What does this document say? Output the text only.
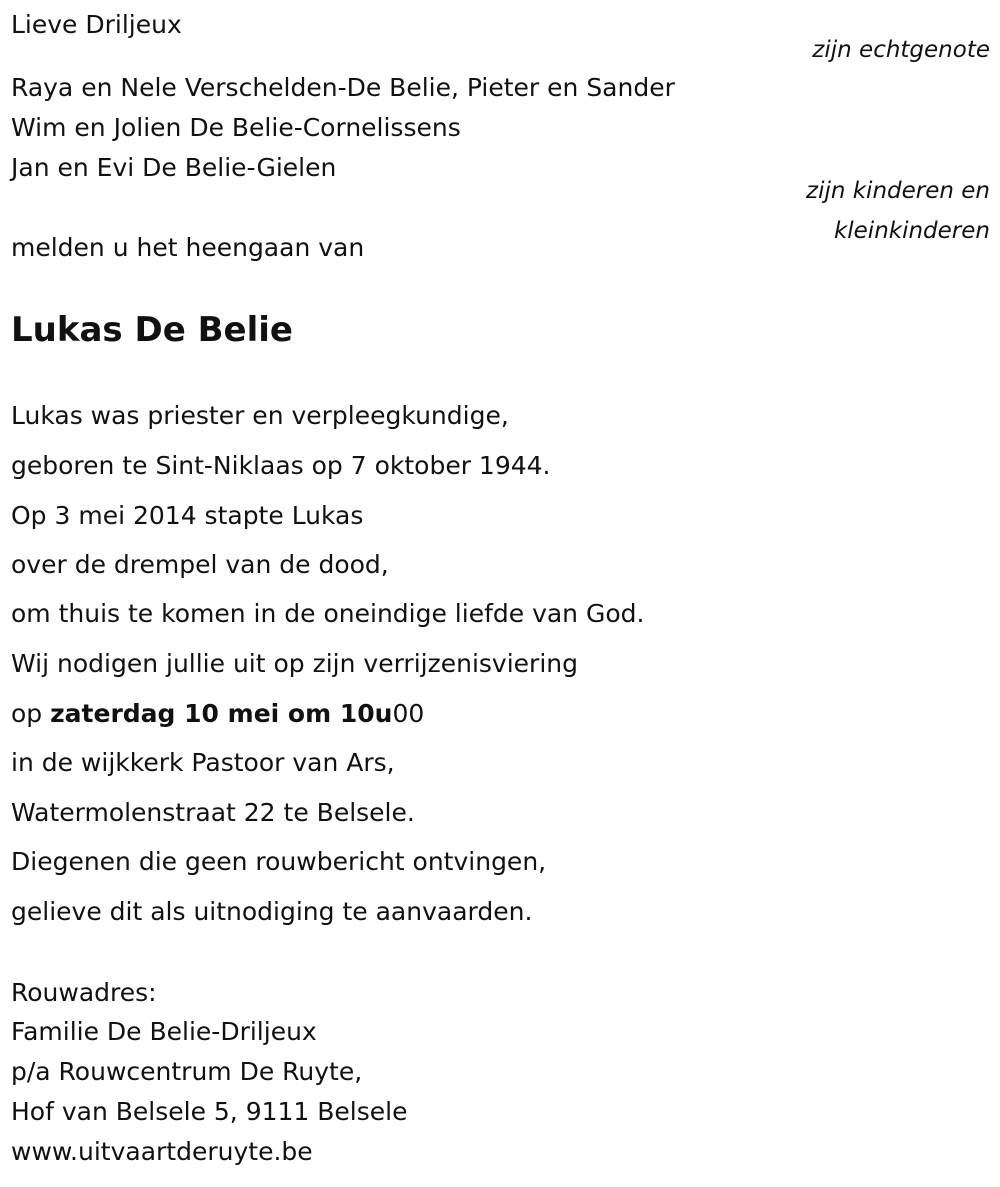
Lieve Driljeux

zijn echtgenote

Raya en Nele Verschelden-De Belie, Pieter en Sander

Wim en Jolien De Belie-Cornelissens

Jan en Evi De Belie-Gielen

zijn kinderen en

kleinkinderen

melden u het heengaan van

Lukas De Belie

Lukas was priester en verpleegkundige,

geboren te Sint-Niklaas op 7 oktober 1944.

Op 3 mei 2014 stapte Lukas

over de drempel van de dood,

om thuis te komen in de oneindige liefde van God.

Wij nodigen jullie uit op zijn verrijzenisviering

op zaterdag 10 mei om 10u00

in de wijkkerk Pastoor van Ars,

Watermolenstraat 22 te Belsele.

Diegenen die geen rouwbericht ontvingen,

gelieve dit als uitnodiging te aanvaarden.

Rouwadres:

Familie De Belie-Driljeux

p/a Rouwcentrum De Ruyte,

Hof van Belsele 5, 9111 Belsele

www.uitvaartderuyte.be
